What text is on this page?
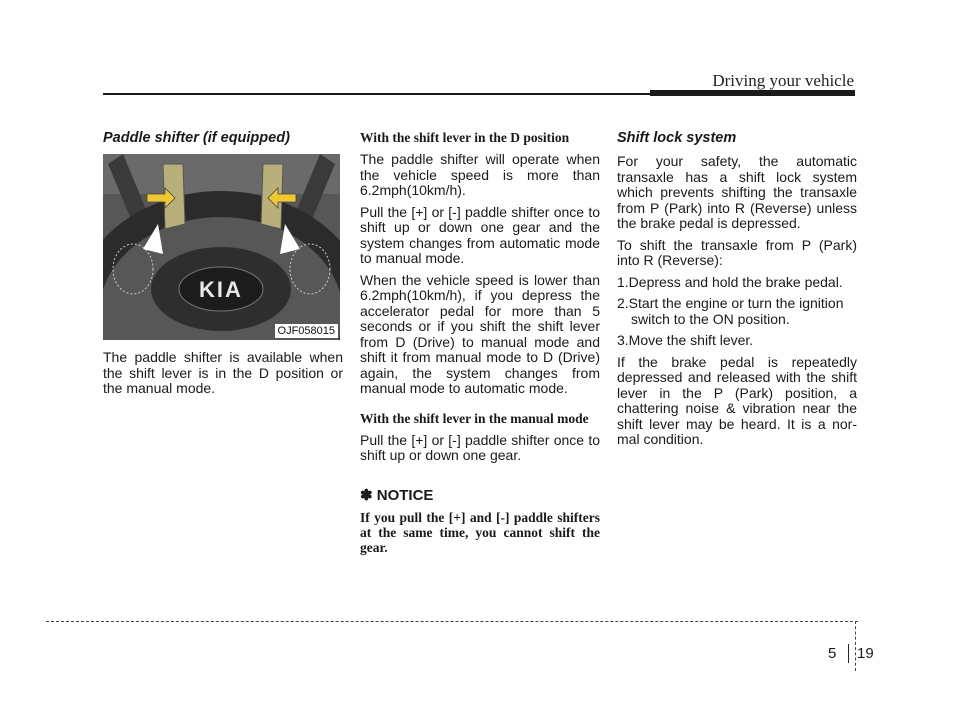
Driving your vehicle
Paddle shifter (if equipped)
KIA
OJF058015

The paddle shifter is available when the shift lever is in the D position or the manual mode.

With the shift lever in the D position

The paddle shifter will operate when the vehicle speed is more than 6.2mph(10km/h).

Pull the [+] or [-] paddle shifter once to shift up or down one gear and the system changes from automatic mode to manual mode.

When the vehicle speed is lower than 6.2mph(10km/h), if you depress the accelerator pedal for more than 5 seconds or if you shift the shift lever from D (Drive) to manual mode and shift it from manual mode to D (Drive) again, the system changes from manual mode to automatic mode.

With the shift lever in the manual mode

Pull the [+] or [-] paddle shifter once to shift up or down one gear.

✽ NOTICE
If you pull the [+] and [-] paddle shifters at the same time, you cannot shift the gear.
Shift lock system

For your safety, the automatic transaxle has a shift lock system which prevents shifting the transaxle from P (Park) into R (Reverse) unless the brake pedal is depressed.

To shift the transaxle from P (Park) into R (Reverse):

1.Depress and hold the brake pedal.
2.Start the engine or turn the ignition switch to the ON position.
3.Move the shift lever.

If the brake pedal is repeatedly depressed and released with the shift lever in the P (Park) position, a chattering noise & vibration near the shift lever may be heard. It is a nor-mal condition.

5 19
